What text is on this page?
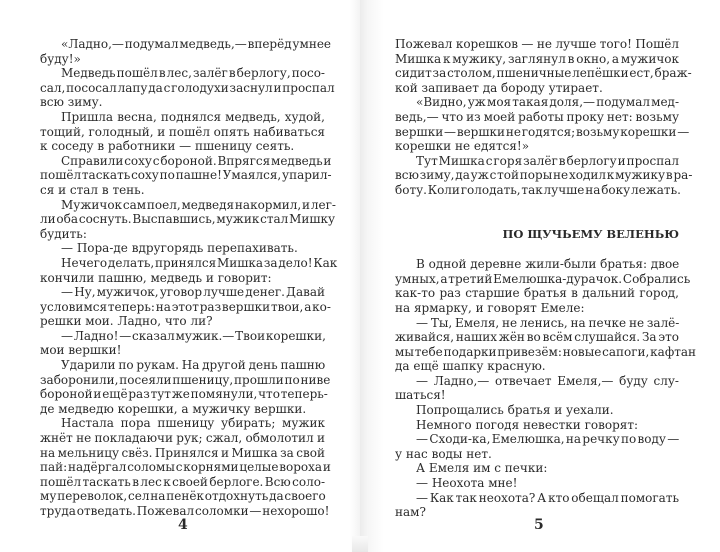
«Ладно,— подумал медведь,— вперёд умнее
буду!»
Медведь пошёл в лес, залёг в берлогу, посо-
сал, пососал лапу да с голодухи заснул и проспал
всю зиму.
Пришла весна, поднялся медведь, худой,
тощий, голодный, и пошёл опять набиваться
к соседу в работники — пшеницу сеять.
Справили соху с бороной. Впрягся медведь и
пошёл таскать соху по пашне! Умаялся, упарил-
ся и стал в тень.
Мужичок сам поел, медведя накормил, и лег-
ли оба соснуть. Выспавшись, мужик стал Мишку
будить:
— Пора-де вдругорядь перепахивать.
Нечего делать, принялся Мишка за дело! Как
кончили пашню, медведь и говорит:
— Ну, мужичок, уговор лучше денег. Давай
условимся теперь: на этот раз вершки твои, а ко-
решки мои. Ладно, что ли?
— Ладно! — сказал мужик.— Твои корешки,
мои вершки!
Ударили по рукам. На другой день пашню
заборонили, посеяли пшеницу, прошли по ниве
бороной и ещё раз тут же помянули, что теперь-
де медведю корешки, а мужичку вершки.
Настала пора пшеницу убирать; мужик
жнёт не покладаючи рук; сжал, обмолотил и
на мельницу свёз. Принялся и Мишка за свой
пай: надёргал соломы с корнями целые вороха и
пошёл таскать в лес к своей берлоге. Всю соло-
му переволок, сел на пенёк отдохнуть да своего
труда отведать. Пожевал соломки — нехорошо!
4
Пожевал корешков — не лучше того! Пошёл
Мишка к мужику, заглянул в окно, а мужичок
сидит за столом, пшеничные лепёшки ест, браж-
кой запивает да бороду утирает.
«Видно, уж моя такая доля,— подумал мед-
ведь,— что из моей работы проку нет: возьму
вершки — вершки не годятся; возьму корешки —
корешки не едятся!»
Тут Мишка с горя залёг в берлогу и проспал
всю зиму, да уж с той поры не ходил к мужику в ра-
боту. Коли голодать, так лучше на боку лежать.
ПО ЩУЧЬЕМУ ВЕЛЕНЬЮ
В одной деревне жили-были братья: двое
умных, а третий Емелюшка-дурачок. Собрались
как-то раз старшие братья в дальний город,
на ярмарку, и говорят Емеле:
— Ты, Емеля, не ленись, на печке не залё-
живайся, наших жён во всём слушайся. За это
мы тебе подарки привезём: новые сапоги, кафтан
да ещё шапку красную.
— Ладно,— отвечает Емеля,— буду слу-
шаться!
Попрощались братья и уехали.
Немного погодя невестки говорят:
— Сходи-ка, Емелюшка, на речку по воду —
у нас воды нет.
А Емеля им с печки:
— Неохота мне!
— Как так неохота? А кто обещал помогать
нам?
5
